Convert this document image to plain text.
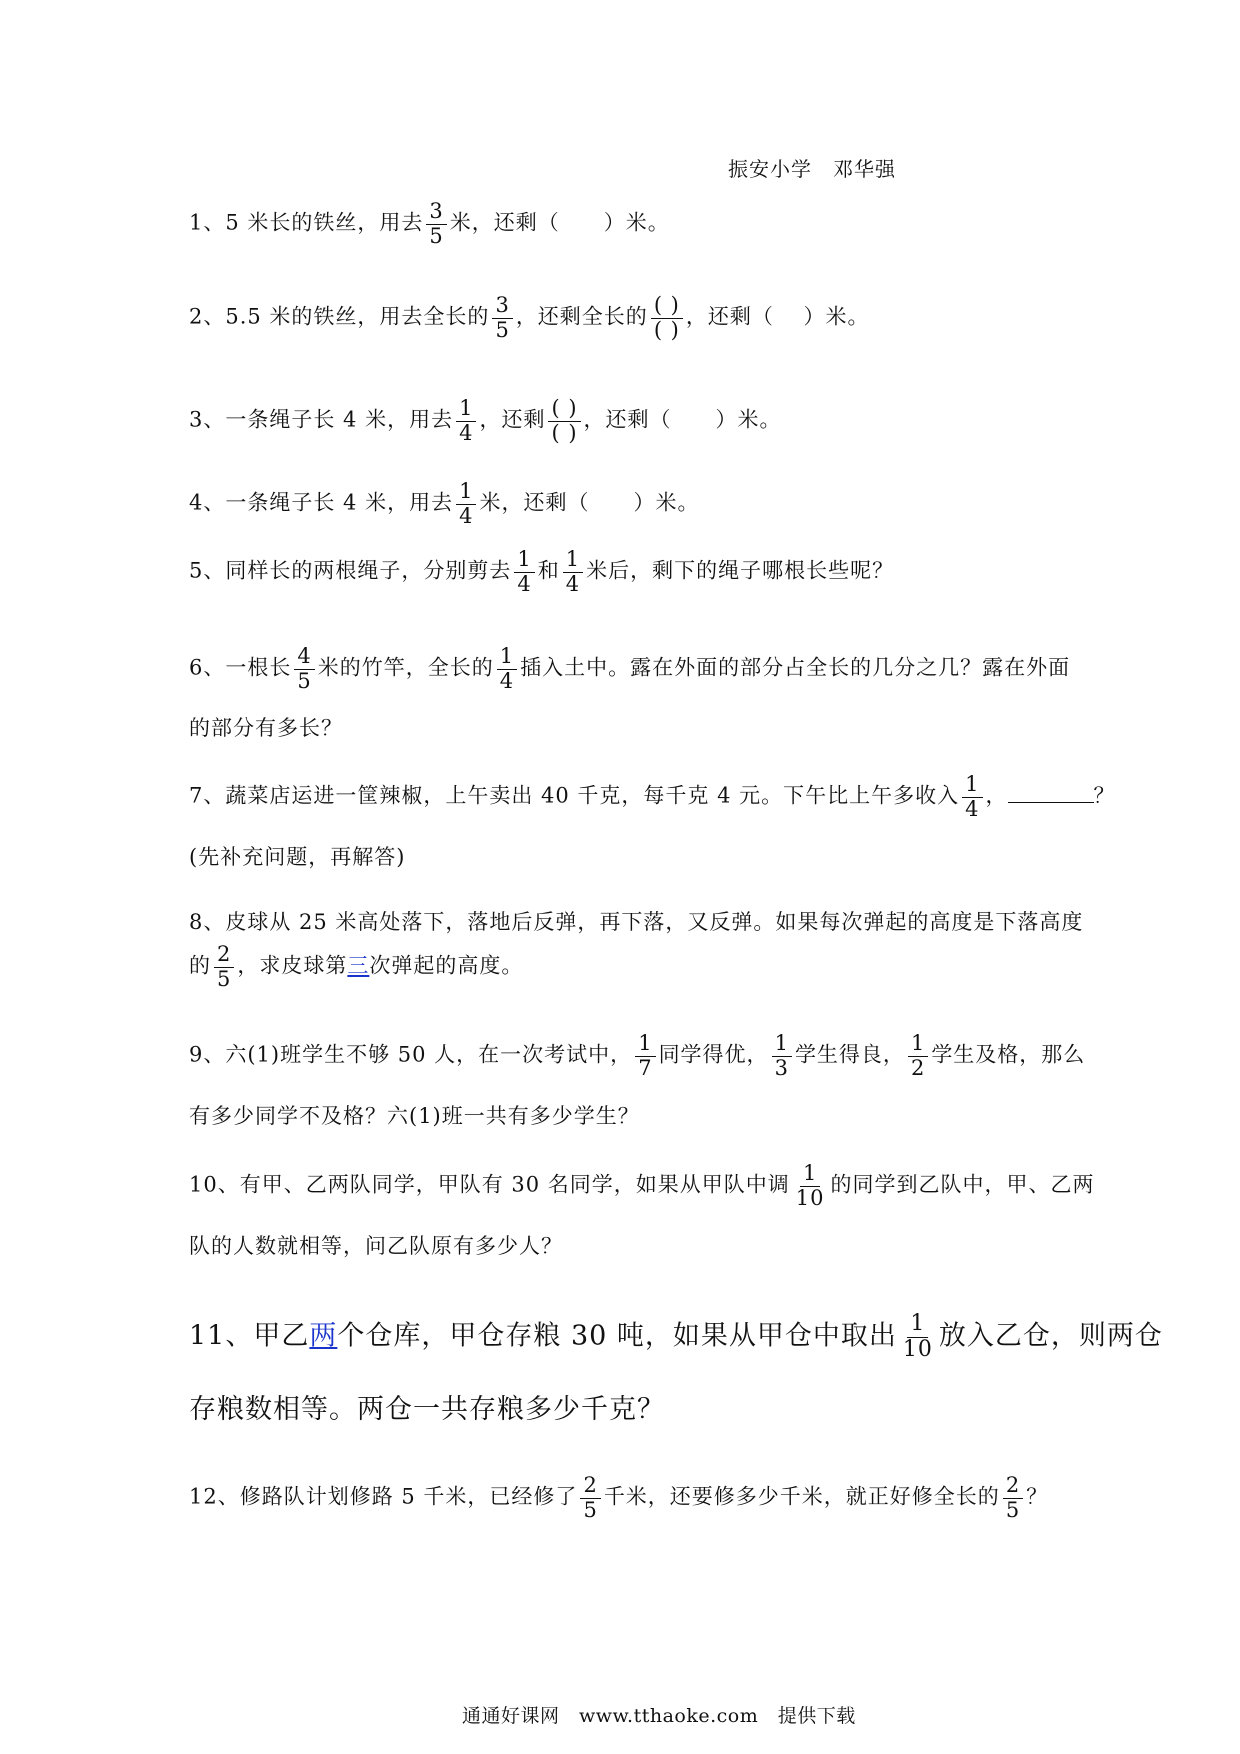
振安小学　邓华强
1、5 米长的铁丝，用去 $\frac{3}{5}$ 米，还剩（　　）米。
2、5.5 米的铁丝，用去全长的 $\frac{3}{5}$ ，还剩全长的 $\frac{( )}{( )}$ ，还剩（　 ）米。
3、一条绳子长 4 米，用去 $\frac{1}{4}$ ，还剩 $\frac{( )}{( )}$ ，还剩（　　）米。
4、一条绳子长 4 米，用去 $\frac{1}{4}$ 米，还剩（　　）米。
5、同样长的两根绳子，分别剪去 $\frac{1}{4}$ 和 $\frac{1}{4}$ 米后，剩下的绳子哪根长些呢？
6、一根长 $\frac{4}{5}$ 米的竹竿，全长的 $\frac{1}{4}$ 插入土中。露在外面的部分占全长的几分之几？露在外面
的部分有多长？
7、蔬菜店运进一筐辣椒，上午卖出 40 千克，每千克 4 元。下午比上午多收入 $\frac{1}{4}$ ，	？
(先补充问题，再解答)
8、皮球从 25 米高处落下，落地后反弹，再下落，又反弹。如果每次弹起的高度是下落高度
的 $\frac{2}{5}$ ，求皮球第三次弹起的高度。
9、六(1)班学生不够 50 人，在一次考试中， $\frac{1}{7}$ 同学得优， $\frac{1}{3}$ 学生得良， $\frac{1}{2}$ 学生及格，那么
有多少同学不及格？六(1)班一共有多少学生？
10、有甲、乙两队同学，甲队有 30 名同学，如果从甲队中调 $\frac{1}{10}$ 的同学到乙队中，甲、乙两
队的人数就相等，问乙队原有多少人？
11、甲乙两个仓库，甲仓存粮 30 吨，如果从甲仓中取出 $\frac{1}{10}$ 放入乙仓，则两仓
存粮数相等。两仓一共存粮多少千克？
12、修路队计划修路 5 千米，已经修了 $\frac{2}{5}$ 千米，还要修多少千米，就正好修全长的 $\frac{2}{5}$ ？
通通好课网　www.tthaoke.com　提供下载
